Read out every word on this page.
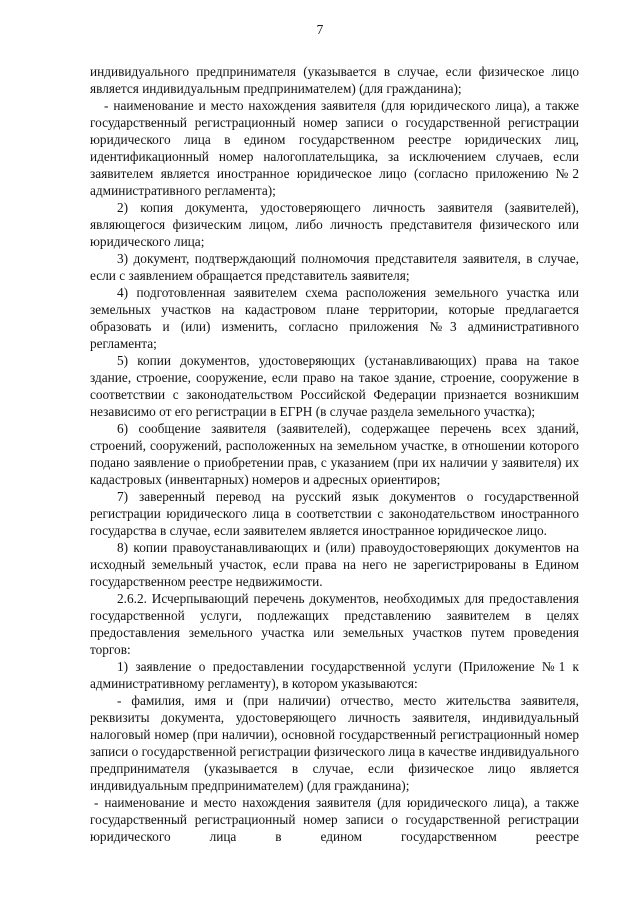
7

индивидуального предпринимателя (указывается в случае, если физическое лицо является индивидуальным предпринимателем) (для гражданина);

- наименование и место нахождения заявителя (для юридического лица), а также государственный регистрационный номер записи о государственной регистрации юридического лица в едином государственном реестре юридических лиц, идентификационный номер налогоплательщика, за исключением случаев, если заявителем является иностранное юридическое лицо (согласно приложению №2 административного регламента);

2) копия документа, удостоверяющего личность заявителя (заявителей), являющегося физическим лицом, либо личность представителя физического или юридического лица;

3) документ, подтверждающий полномочия представителя заявителя, в случае, если с заявлением обращается представитель заявителя;

4) подготовленная заявителем схема расположения земельного участка или земельных участков на кадастровом плане территории, которые предлагается образовать и (или) изменить, согласно приложения №3 административного регламента;

5) копии документов, удостоверяющих (устанавливающих) права на такое здание, строение, сооружение, если право на такое здание, строение, сооружение в соответствии с законодательством Российской Федерации признается возникшим независимо от его регистрации в ЕГРН (в случае раздела земельного участка);

6) сообщение заявителя (заявителей), содержащее перечень всех зданий, строений, сооружений, расположенных на земельном участке, в отношении которого подано заявление о приобретении прав, с указанием (при их наличии у заявителя) их кадастровых (инвентарных) номеров и адресных ориентиров;

7) заверенный перевод на русский язык документов о государственной регистрации юридического лица в соответствии с законодательством иностранного государства в случае, если заявителем является иностранное юридическое лицо.

8) копии правоустанавливающих и (или) правоудостоверяющих документов на исходный земельный участок, если права на него не зарегистрированы в Едином государственном реестре недвижимости.

2.6.2. Исчерпывающий перечень документов, необходимых для предоставления государственной услуги, подлежащих представлению заявителем в целях предоставления земельного участка или земельных участков путем проведения торгов:

1) заявление о предоставлении государственной услуги (Приложение №1 к административному регламенту), в котором указываются:

- фамилия, имя и (при наличии) отчество, место жительства заявителя, реквизиты документа, удостоверяющего личность заявителя, индивидуальный налоговый номер (при наличии), основной государственный регистрационный номер записи о государственной регистрации физического лица в качестве индивидуального предпринимателя (указывается в случае, если физическое лицо является индивидуальным предпринимателем) (для гражданина);

- наименование и место нахождения заявителя (для юридического лица), а также государственный регистрационный номер записи о государственной регистрации юридического лица в едином государственном реестре
